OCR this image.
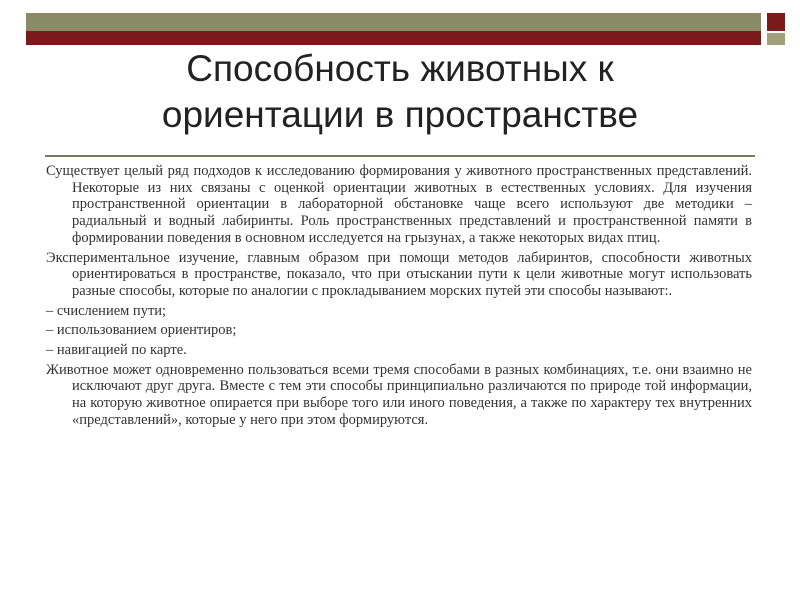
Способность животных к
ориентации в пространстве

Существует целый ряд подходов к исследованию формирования у животного пространственных представлений. Некоторые из них связаны с оценкой ориентации животных в естественных условиях. Для изучения пространственной ориентации в лабораторной обстановке чаще всего используют две методики – радиальный и водный лабиринты. Роль пространственных представлений и пространственной памяти в формировании поведения в основном исследуется на грызунах, а также некоторых видах птиц.

Экспериментальное изучение, главным образом при помощи методов лабиринтов, способности животных ориентироваться в пространстве, показало, что при отыскании пути к цели животные могут использовать разные способы, которые по аналогии с прокладыванием морских путей эти способы называют:.

– счислением пути;
– использованием ориентиров;
– навигацией по карте.

Животное может одновременно пользоваться всеми тремя способами в разных комбинациях, т.е. они взаимно не исключают друг друга. Вместе с тем эти способы принципиально различаются по природе той информации, на которую животное опирается при выборе того или иного поведения, а также по характеру тех внутренних «представлений», которые у него при этом формируются.
